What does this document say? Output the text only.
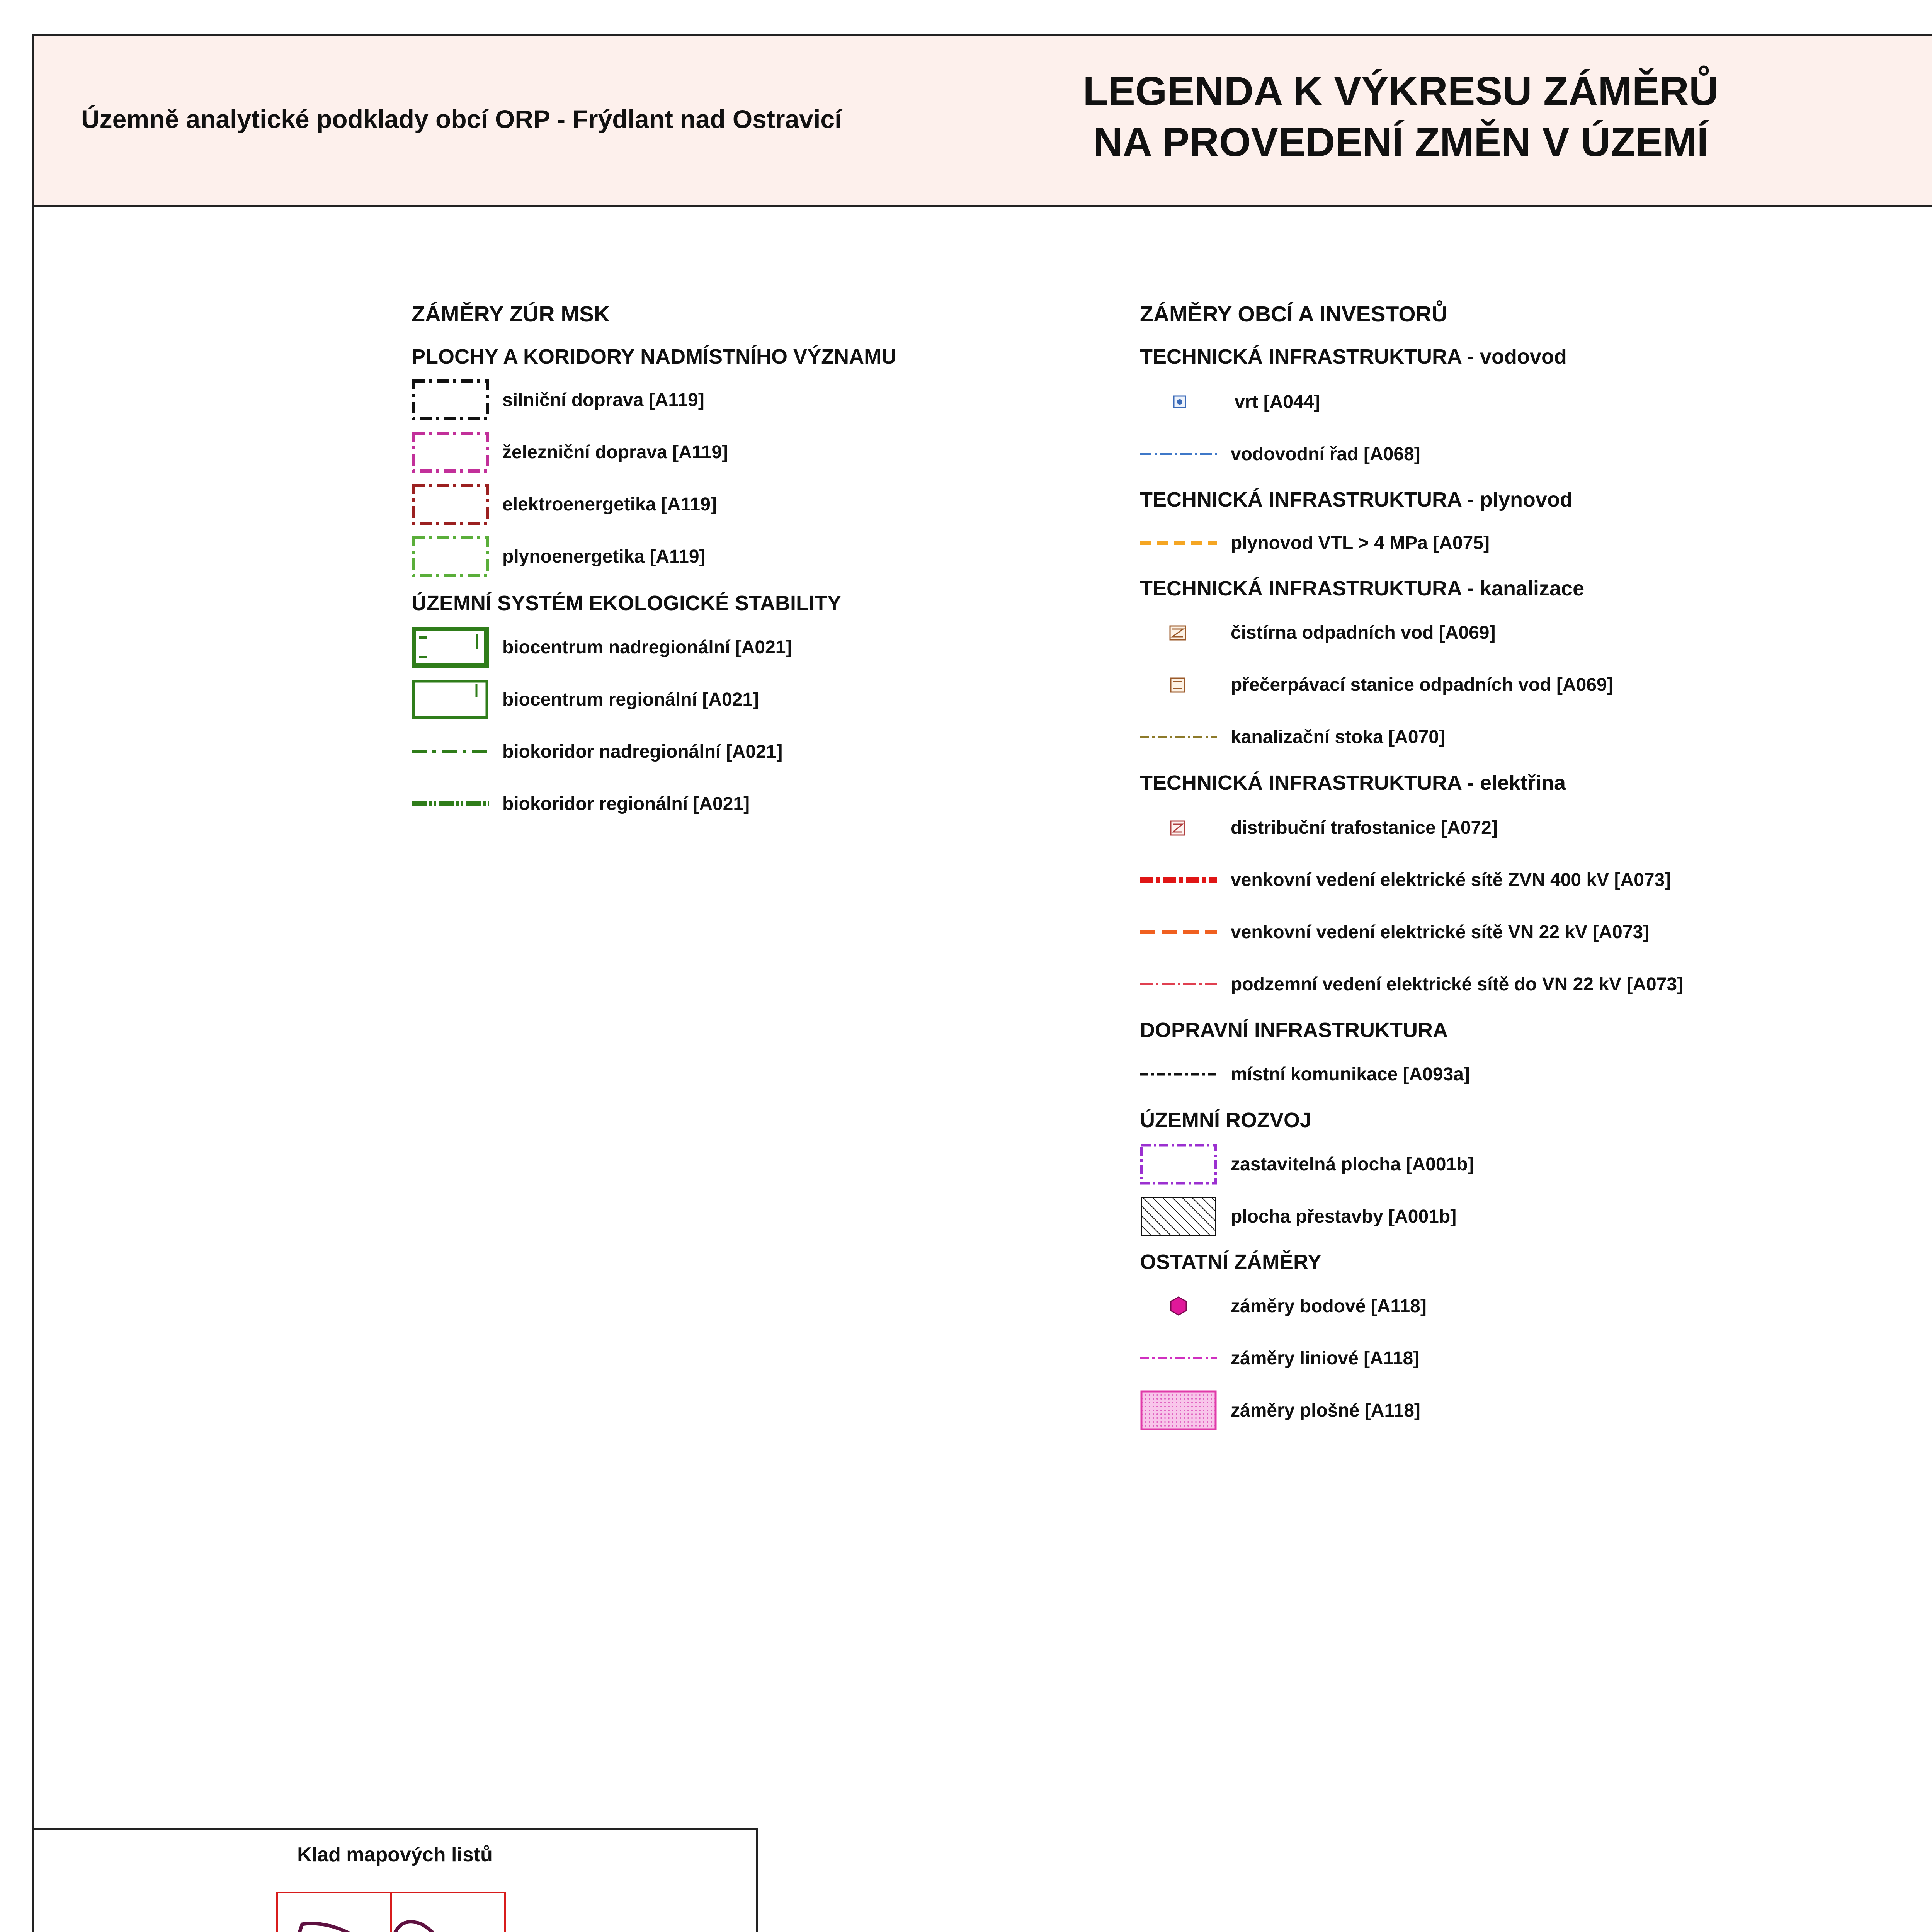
Územně analytické podklady obcí ORP - Frýdlant nad Ostravicí
LEGENDA K VÝKRESU ZÁMĚRŮ
NA PROVEDENÍ ZMĚN V ÚZEMÍ
ZÁMĚRY ZÚR MSK
PLOCHY A KORIDORY NADMÍSTNÍHO VÝZNAMU
silniční doprava [A119]
železniční doprava [A119]
elektroenergetika [A119]
plynoenergetika [A119]
ÚZEMNÍ SYSTÉM EKOLOGICKÉ STABILITY
biocentrum nadregionální [A021]
biocentrum regionální [A021]
biokoridor nadregionální [A021]
biokoridor regionální [A021]
ZÁMĚRY OBCÍ A INVESTORŮ
TECHNICKÁ INFRASTRUKTURA - vodovod
vrt [A044]
vodovodní řad [A068]
TECHNICKÁ INFRASTRUKTURA - plynovod
plynovod VTL > 4 MPa [A075]
TECHNICKÁ INFRASTRUKTURA - kanalizace
čistírna odpadních vod [A069]
přečerpávací stanice odpadních vod [A069]
kanalizační stoka [A070]
TECHNICKÁ INFRASTRUKTURA - elektřina
distribuční trafostanice [A072]
venkovní vedení elektrické sítě ZVN 400 kV [A073]
venkovní vedení elektrické sítě VN 22 kV [A073]
podzemní vedení elektrické sítě do VN 22 kV [A073]
DOPRAVNÍ INFRASTRUKTURA
místní komunikace [A093a]
ÚZEMNÍ ROZVOJ
zastavitelná plocha [A001b]
plocha přestavby [A001b]
OSTATNÍ ZÁMĚRY
záměry bodové [A118]
záměry liniové [A118]
záměry plošné [A118]
Klad mapových listů
